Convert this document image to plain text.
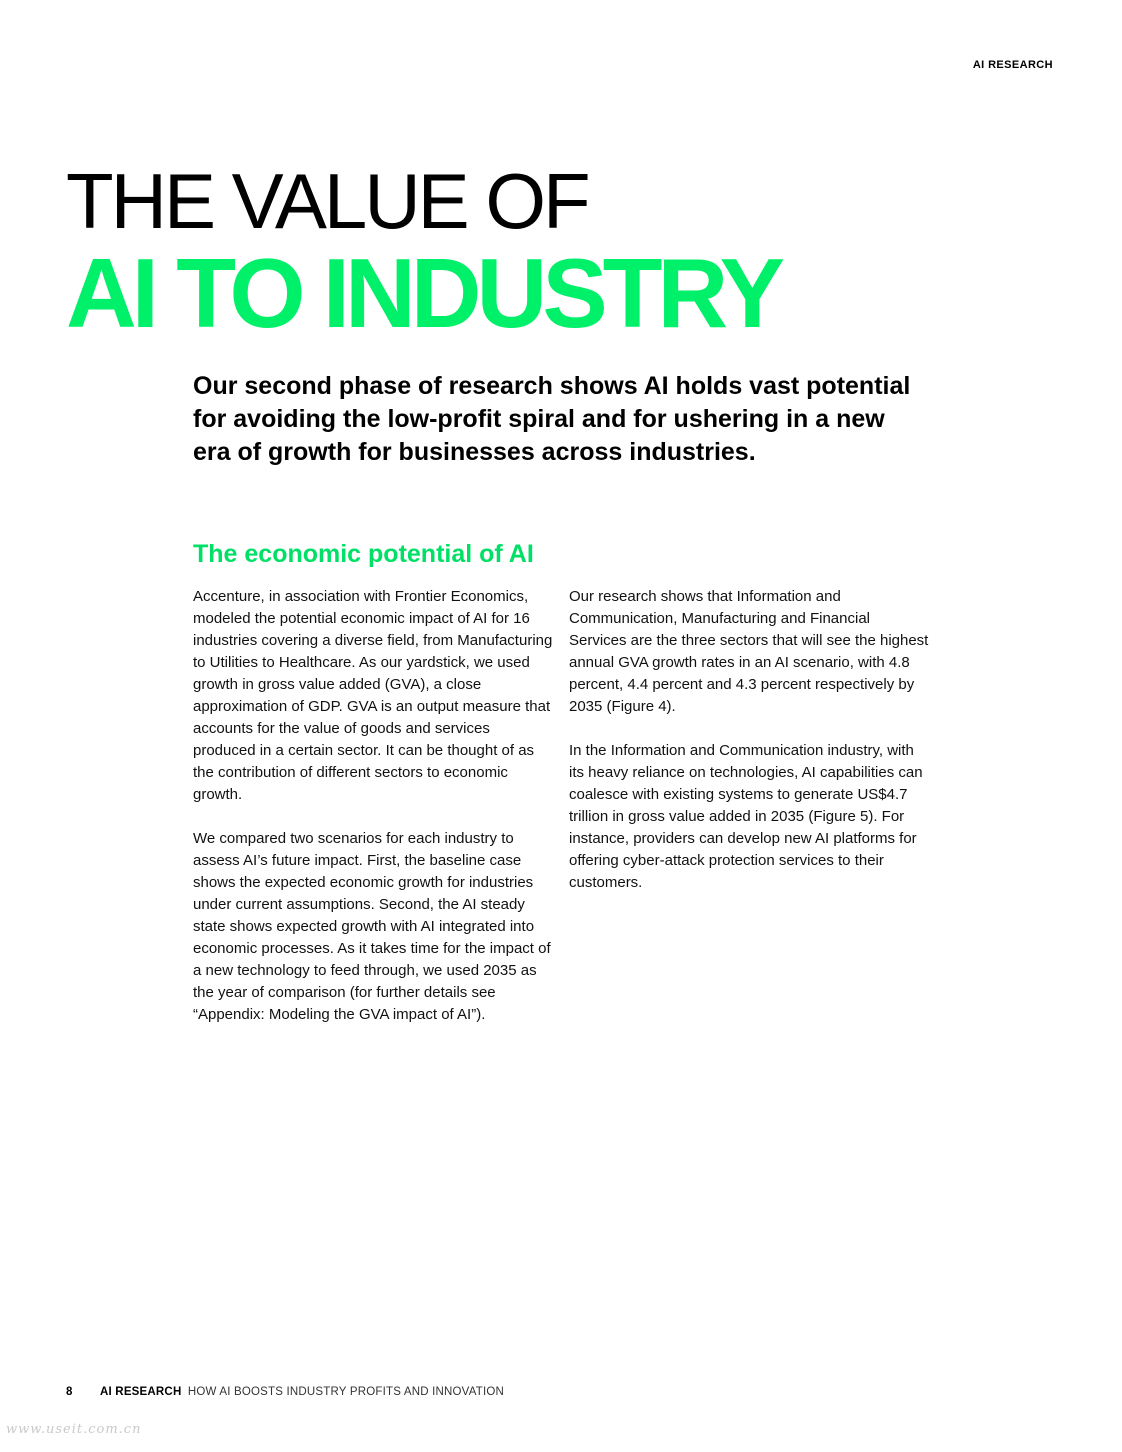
AI RESEARCH
THE VALUE OF
AI TO INDUSTRY

Our second phase of research shows AI holds vast potential for avoiding the low-profit spiral and for ushering in a new era of growth for businesses across industries.

The economic potential of AI

Accenture, in association with Frontier Economics, modeled the potential economic impact of AI for 16 industries covering a diverse field, from Manufacturing to Utilities to Healthcare. As our yardstick, we used growth in gross value added (GVA), a close approximation of GDP. GVA is an output measure that accounts for the value of goods and services produced in a certain sector. It can be thought of as the contribution of different sectors to economic growth.

We compared two scenarios for each industry to assess AI’s future impact. First, the baseline case shows the expected economic growth for industries under current assumptions. Second, the AI steady state shows expected growth with AI integrated into economic processes. As it takes time for the impact of a new technology to feed through, we used 2035 as the year of comparison (for further details see “Appendix: Modeling the GVA impact of AI”).

Our research shows that Information and Communication, Manufacturing and Financial Services are the three sectors that will see the highest annual GVA growth rates in an AI scenario, with 4.8 percent, 4.4 percent and 4.3 percent respectively by 2035 (Figure 4).

In the Information and Communication industry, with its heavy reliance on technologies, AI capabilities can coalesce with existing systems to generate US$4.7 trillion in gross value added in 2035 (Figure 5). For instance, providers can develop new AI platforms for offering cyber-attack protection services to their customers.

8 AI RESEARCH HOW AI BOOSTS INDUSTRY PROFITS AND INNOVATION
www.useit.com.cn
